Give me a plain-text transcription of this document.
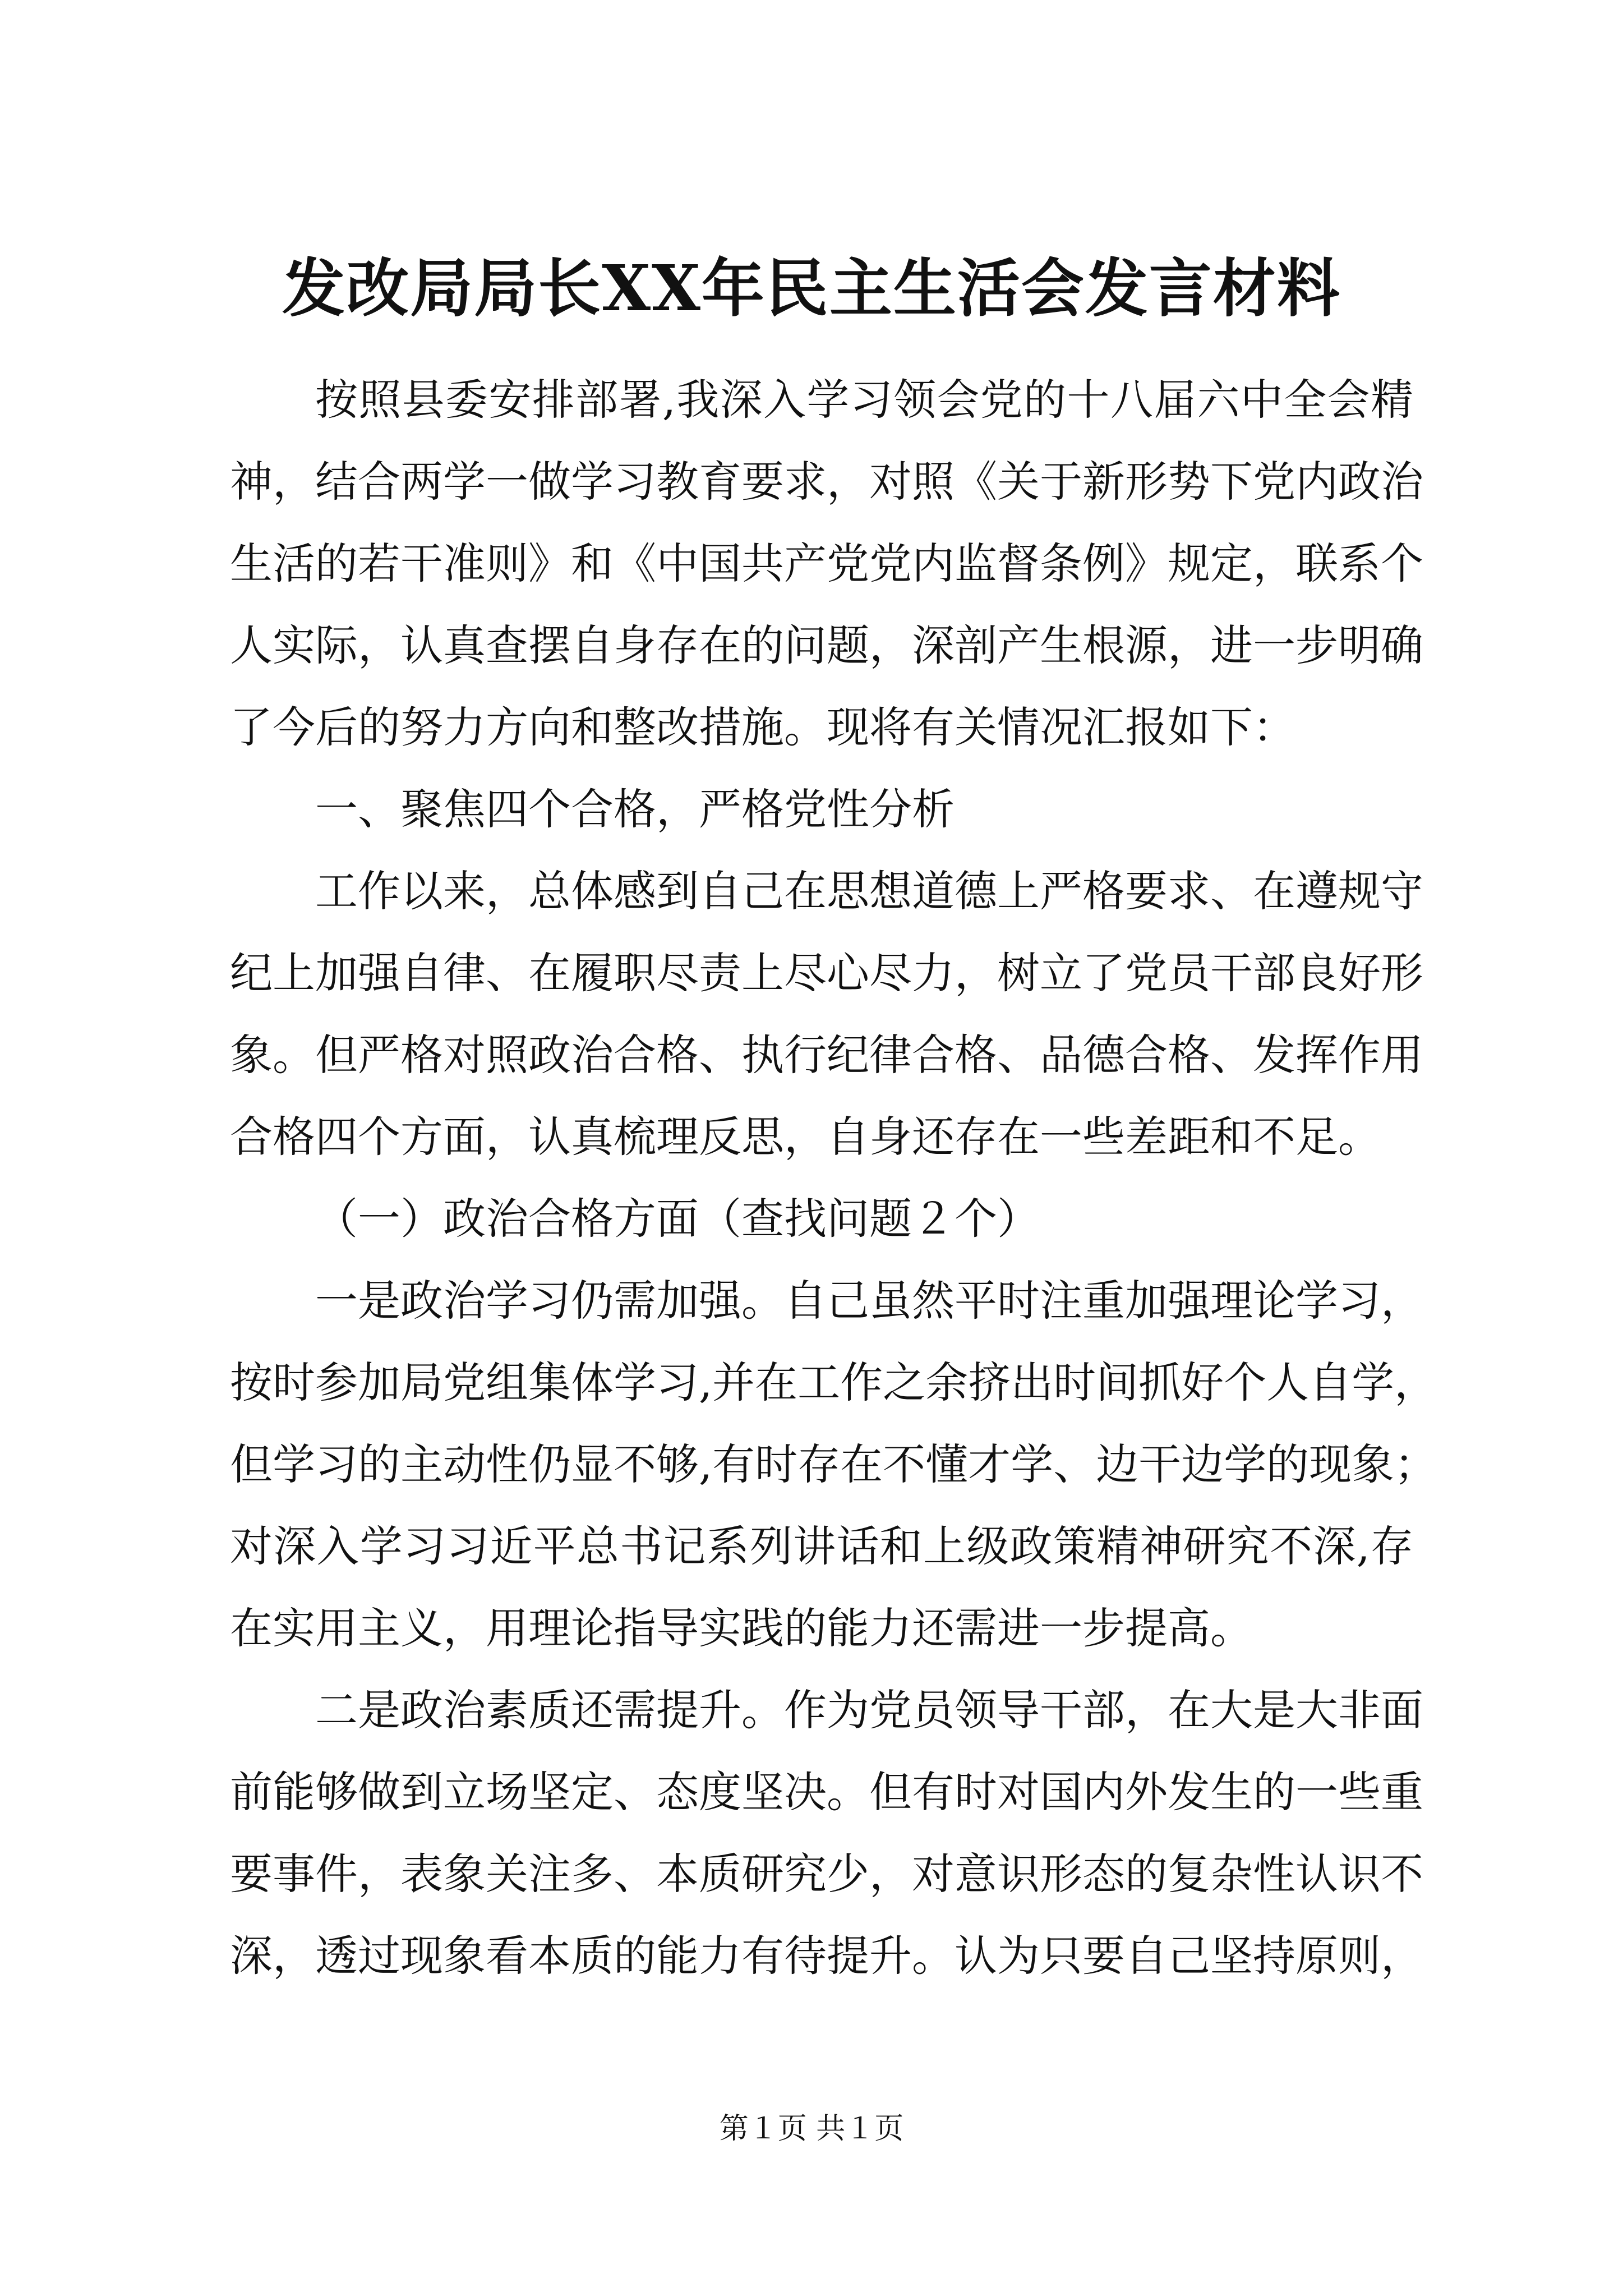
发改局局长XX年民主生活会发言材料
按照县委安排部署,我深入学习领会党的十八届六中全会精
神，结合两学一做学习教育要求，对照《关于新形势下党内政治
生活的若干准则》和《中国共产党党内监督条例》规定，联系个
人实际，认真查摆自身存在的问题，深剖产生根源，进一步明确
了今后的努力方向和整改措施。现将有关情况汇报如下：
一、聚焦四个合格，严格党性分析
工作以来，总体感到自己在思想道德上严格要求、在遵规守
纪上加强自律、在履职尽责上尽心尽力，树立了党员干部良好形
象。但严格对照政治合格、执行纪律合格、品德合格、发挥作用
合格四个方面，认真梳理反思，自身还存在一些差距和不足。
（一）政治合格方面（查找问题２个）
一是政治学习仍需加强。自己虽然平时注重加强理论学习，
按时参加局党组集体学习,并在工作之余挤出时间抓好个人自学，
但学习的主动性仍显不够,有时存在不懂才学、边干边学的现象；
对深入学习习近平总书记系列讲话和上级政策精神研究不深,存
在实用主义，用理论指导实践的能力还需进一步提高。
二是政治素质还需提升。作为党员领导干部，在大是大非面
前能够做到立场坚定、态度坚决。但有时对国内外发生的一些重
要事件，表象关注多、本质研究少，对意识形态的复杂性认识不
深，透过现象看本质的能力有待提升。认为只要自己坚持原则，
第１页 共１页
